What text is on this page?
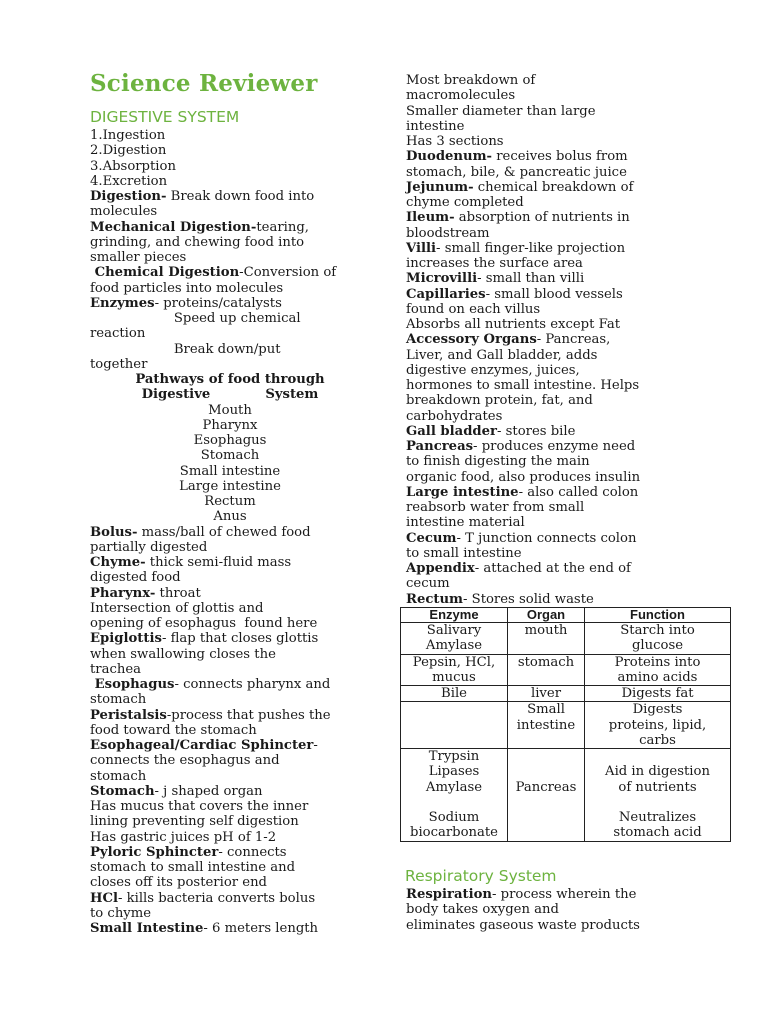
Science Reviewer
DIGESTIVE SYSTEM
1.Ingestion
2.Digestion
3.Absorption
4.Excretion
Digestion- Break down food into
molecules
Mechanical Digestion-tearing,
grinding, and chewing food into
smaller pieces
Chemical Digestion-Conversion of
food particles into molecules
Enzymes- proteins/catalysts
Speed up chemical
reaction
Break down/put
together
Pathways of food through
Digestive            System
Mouth
Pharynx
Esophagus
Stomach
Small intestine
Large intestine
Rectum
Anus
Bolus- mass/ball of chewed food
partially digested
Chyme- thick semi-fluid mass
digested food
Pharynx- throat
Intersection of glottis and
opening of esophagus  found here
Epiglottis- flap that closes glottis
when swallowing closes the
trachea
Esophagus- connects pharynx and
stomach
Peristalsis-process that pushes the
food toward the stomach
Esophageal/Cardiac Sphincter-
connects the esophagus and
stomach
Stomach- j shaped organ
Has mucus that covers the inner
lining preventing self digestion
Has gastric juices pH of 1-2
Pyloric Sphincter- connects
stomach to small intestine and
closes off its posterior end
HCl- kills bacteria converts bolus
to chyme
Small Intestine- 6 meters length
Most breakdown of
macromolecules
Smaller diameter than large
intestine
Has 3 sections
Duodenum- receives bolus from
stomach, bile, & pancreatic juice
Jejunum- chemical breakdown of
chyme completed
Ileum- absorption of nutrients in
bloodstream
Villi- small finger-like projection
increases the surface area
Microvilli- small than villi
Capillaries- small blood vessels
found on each villus
Absorbs all nutrients except Fat
Accessory Organs- Pancreas,
Liver, and Gall bladder, adds
digestive enzymes, juices,
hormones to small intestine. Helps
breakdown protein, fat, and
carbohydrates
Gall bladder- stores bile
Pancreas- produces enzyme need
to finish digesting the main
organic food, also produces insulin
Large intestine- also called colon
reabsorb water from small
intestine material
Cecum- T junction connects colon
to small intestine
Appendix- attached at the end of
cecum
Rectum- Stores solid waste
Enzyme	Organ	Function

Salivary
Amylase	mouth	Starch into
glucose

Pepsin, HCl,
mucus	stomach	Proteins into
amino acids

Bile	liver	Digests fat

	Small
intestine	Digests
proteins, lipid,
carbs

Trypsin
Lipases
Amylase
Sodium
biocarbonate	Pancreas	Aid in digestion
of nutrients
Neutralizes
stomach acid
Respiratory System
Respiration- process wherein the
body takes oxygen and
eliminates gaseous waste products
